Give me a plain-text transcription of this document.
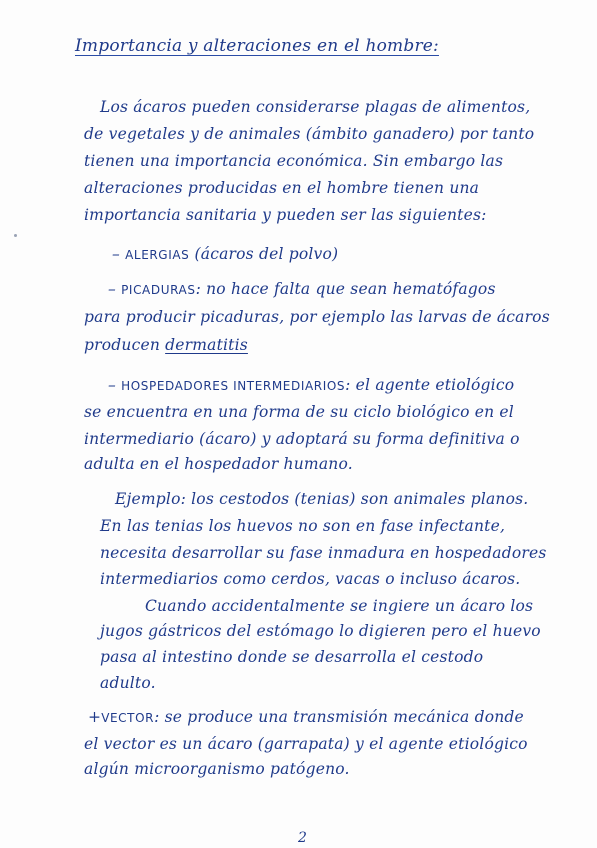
Importancia y alteraciones en el hombre:

Los ácaros pueden considerarse plagas de alimentos,

de vegetales y de animales (ámbito ganadero) por tanto

tienen una importancia económica. Sin embargo las

alteraciones producidas en el hombre tienen una

importancia sanitaria y pueden ser las siguientes:

– ALERGIAS (ácaros del polvo)

– PICADURAS: no hace falta que sean hematófagos

para producir picaduras, por ejemplo las larvas de ácaros

producen dermatitis

– HOSPEDADORES INTERMEDIARIOS: el agente etiológico

se encuentra en una forma de su ciclo biológico en el

intermediario (ácaro) y adoptará su forma definitiva o

adulta en el hospedador humano.

Ejemplo: los cestodos (tenias) son animales planos.

En las tenias los huevos no son en fase infectante,

necesita desarrollar su fase inmadura en hospedadores

intermediarios como cerdos, vacas o incluso ácaros.

Cuando accidentalmente se ingiere un ácaro los

jugos gástricos del estómago lo digieren pero el huevo

pasa al intestino donde se desarrolla el cestodo

adulto.

+VECTOR: se produce una transmisión mecánica donde

el vector es un ácaro (garrapata) y el agente etiológico

algún microorganismo patógeno.

2
